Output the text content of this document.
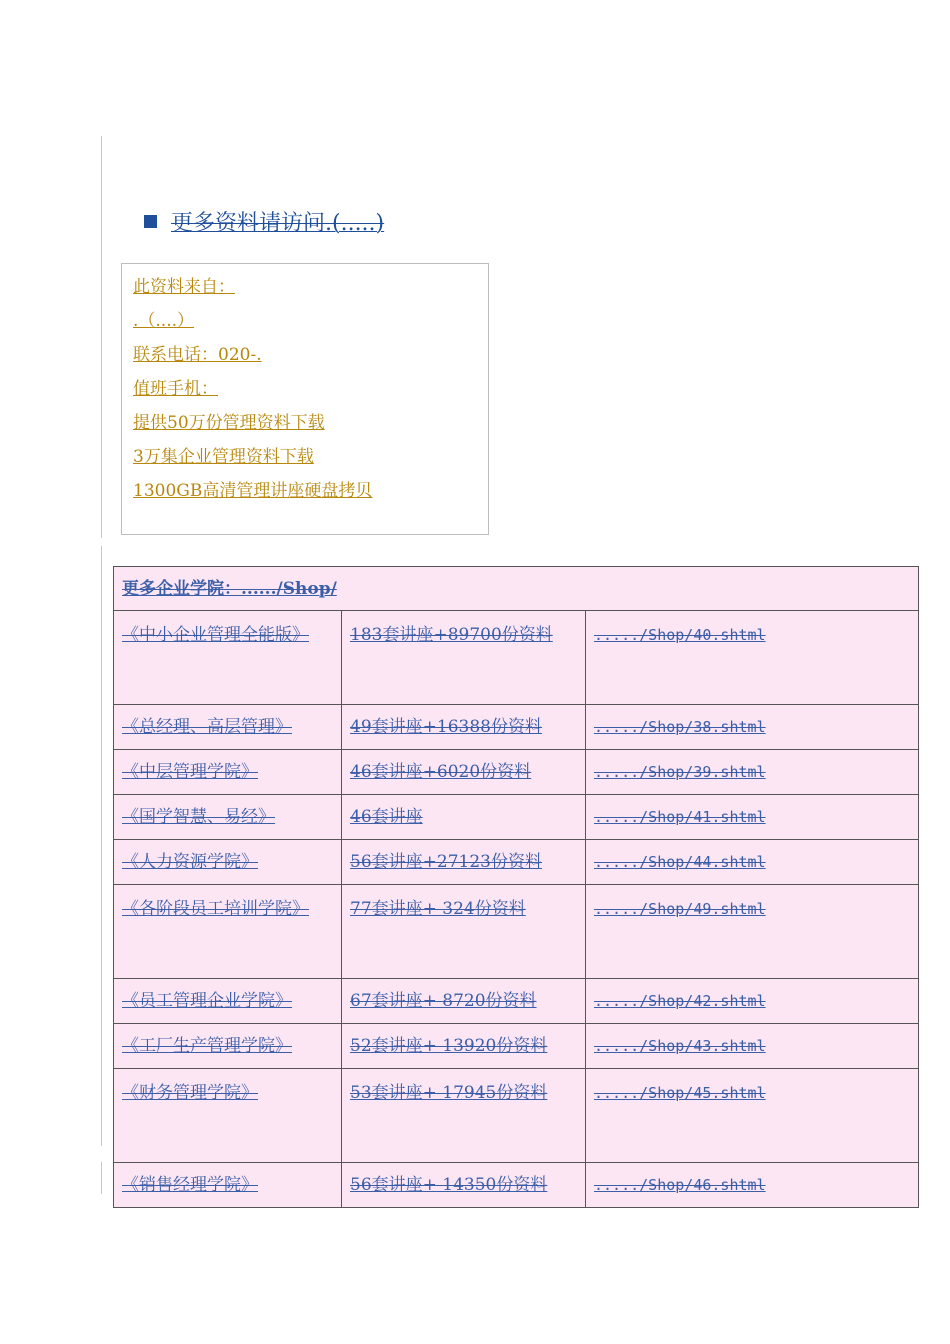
更多资料请访问.(.....)
此资料来自：
.（....）
联系电话：020-.
值班手机：
提供50万份管理资料下载
3万集企业管理资料下载
1300GB高清管理讲座硬盘拷贝
更多企业学院：....../Shop/		
《中小企业管理全能版》	183套讲座+89700份资料	...../Shop/40.shtml
《总经理、高层管理》	49套讲座+16388份资料	...../Shop/38.shtml
《中层管理学院》	46套讲座+6020份资料	...../Shop/39.shtml
《国学智慧、易经》	46套讲座	...../Shop/41.shtml
《人力资源学院》	56套讲座+27123份资料	...../Shop/44.shtml
《各阶段员工培训学院》	77套讲座+ 324份资料	...../Shop/49.shtml
《员工管理企业学院》	67套讲座+ 8720份资料	...../Shop/42.shtml
《工厂生产管理学院》	52套讲座+ 13920份资料	...../Shop/43.shtml
《财务管理学院》	53套讲座+ 17945份资料	...../Shop/45.shtml
《销售经理学院》	56套讲座+ 14350份资料	...../Shop/46.shtml
